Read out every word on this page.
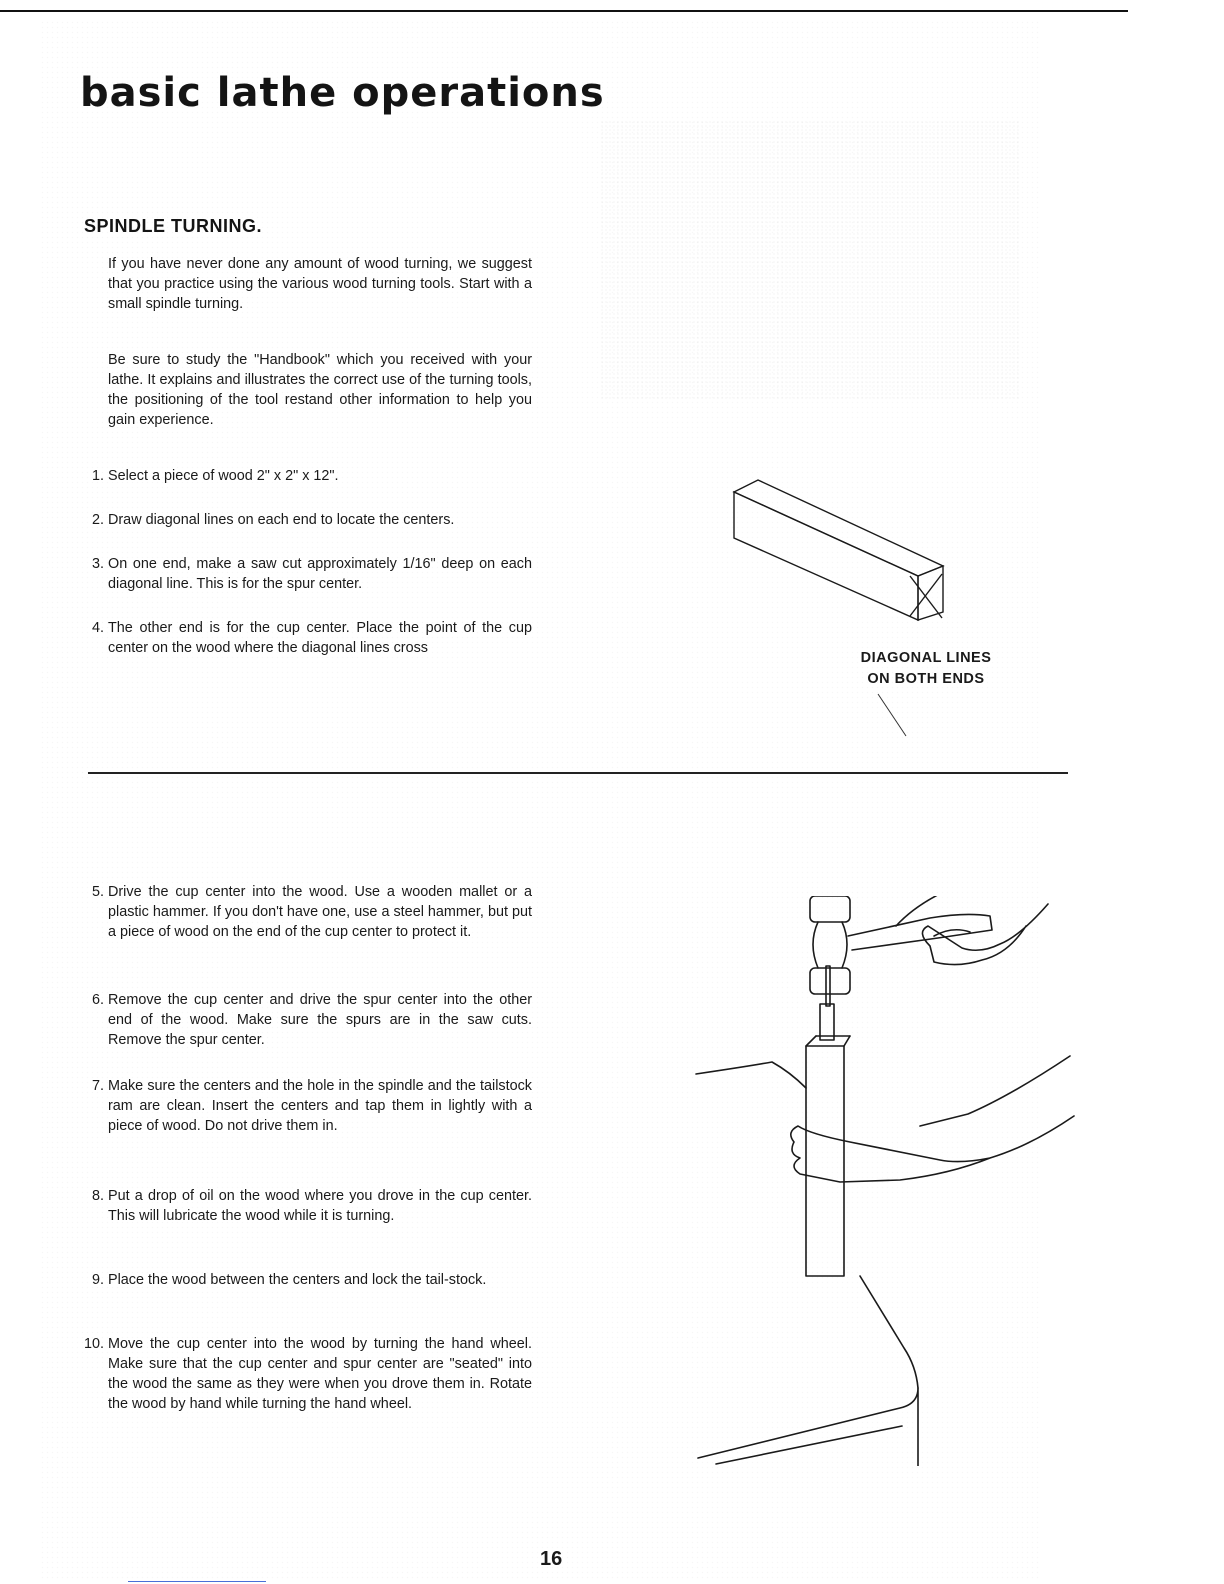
basic lathe operations
SPINDLE TURNING.

If you have never done any amount of wood turning, we suggest that you practice using the various wood turning tools. Start with a small spindle turning.

Be sure to study the "Handbook" which you received with your lathe. It explains and illustrates the correct use of the turning tools, the positioning of the tool restand other information to help you gain experience.

1. Select a piece of wood 2" x 2" x 12".
2. Draw diagonal lines on each end to locate the centers.
3. On one end, make a saw cut approximately 1/16" deep on each diagonal line. This is for the spur center.
4. The other end is for the cup center. Place the point of the cup center on the wood where the diagonal lines cross
5. Drive the cup center into the wood. Use a wooden mallet or a plastic hammer. If you don't have one, use a steel hammer, but put a piece of wood on the end of the cup center to protect it.
6. Remove the cup center and drive the spur center into the other end of the wood. Make sure the spurs are in the saw cuts. Remove the spur center.
7. Make sure the centers and the hole in the spindle and the tailstock ram are clean. Insert the centers and tap them in lightly with a piece of wood. Do not drive them in.
8. Put a drop of oil on the wood where you drove in the cup center. This will lubricate the wood while it is turning.
9. Place the wood between the centers and lock the tail-stock.
10. Move the cup center into the wood by turning the hand wheel. Make sure that the cup center and spur center are "seated" into the wood the same as they were when you drove them in. Rotate the wood by hand while turning the hand wheel.
DIAGONAL LINES
ON BOTH ENDS
16
